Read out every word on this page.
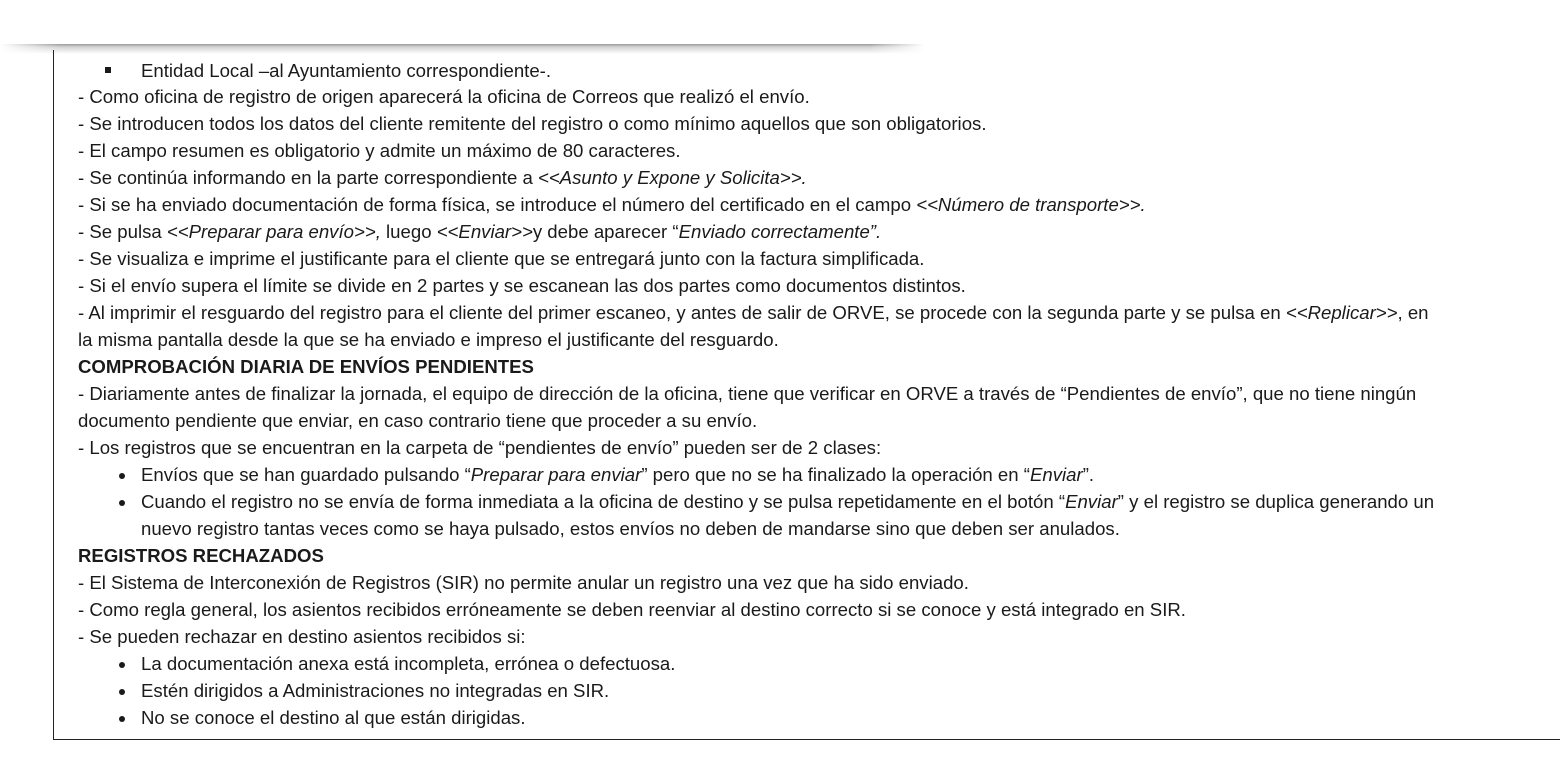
Entidad Local –al Ayuntamiento correspondiente-.
- Como oficina de registro de origen aparecerá la oficina de Correos que realizó el envío.
- Se introducen todos los datos del cliente remitente del registro o como mínimo aquellos que son obligatorios.
- El campo resumen es obligatorio y admite un máximo de 80 caracteres.
- Se continúa informando en la parte correspondiente a <<Asunto y Expone y Solicita>>.
- Si se ha enviado documentación de forma física, se introduce el número del certificado en el campo <<Número de transporte>>.
- Se pulsa <<Preparar para envío>>, luego <<Enviar>>y debe aparecer “Enviado correctamente”.
- Se visualiza e imprime el justificante para el cliente que se entregará junto con la factura simplificada.
- Si el envío supera el límite se divide en 2 partes y se escanean las dos partes como documentos distintos.
- Al imprimir el resguardo del registro para el cliente del primer escaneo, y antes de salir de ORVE, se procede con la segunda parte y se pulsa en <<Replicar>>, en
la misma pantalla desde la que se ha enviado e impreso el justificante del resguardo.
COMPROBACIÓN DIARIA DE ENVÍOS PENDIENTES
- Diariamente antes de finalizar la jornada, el equipo de dirección de la oficina, tiene que verificar en ORVE a través de “Pendientes de envío”, que no tiene ningún
documento pendiente que enviar, en caso contrario tiene que proceder a su envío.
- Los registros que se encuentran en la carpeta de “pendientes de envío” pueden ser de 2 clases:
Envíos que se han guardado pulsando “Preparar para enviar” pero que no se ha finalizado la operación en “Enviar”.
Cuando el registro no se envía de forma inmediata a la oficina de destino y se pulsa repetidamente en el botón “Enviar” y el registro se duplica generando un
nuevo registro tantas veces como se haya pulsado, estos envíos no deben de mandarse sino que deben ser anulados.
REGISTROS RECHAZADOS
- El Sistema de Interconexión de Registros (SIR) no permite anular un registro una vez que ha sido enviado.
- Como regla general, los asientos recibidos erróneamente se deben reenviar al destino correcto si se conoce y está integrado en SIR.
- Se pueden rechazar en destino asientos recibidos si:
La documentación anexa está incompleta, errónea o defectuosa.
Estén dirigidos a Administraciones no integradas en SIR.
No se conoce el destino al que están dirigidas.
